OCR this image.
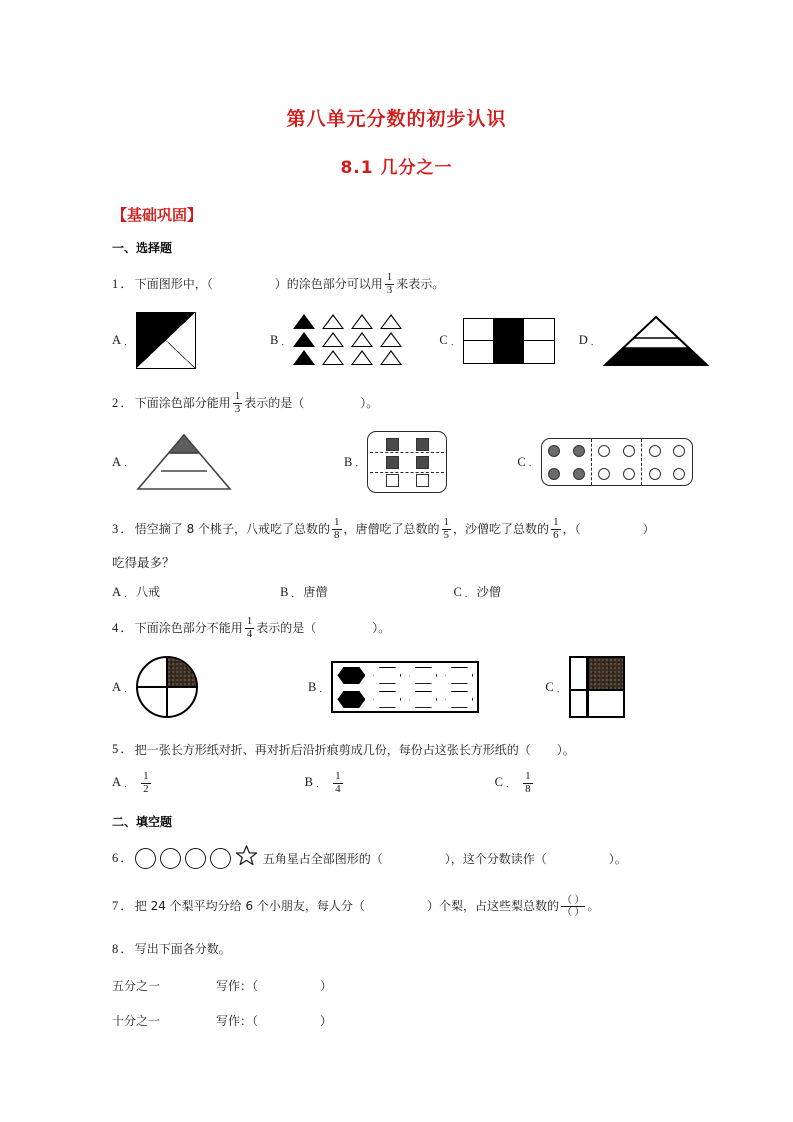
第八单元分数的初步认识
8.1 几分之一
【基础巩固】
一、选择题
1 ． 下面图形中，（	）的涂色部分可以用 $\frac{1}{3}$ 来表示。
A ．	B ．	C ．	D ．
2 ． 下面涂色部分能用 $\frac{1}{3}$ 表示的是（	）。
A ．	B ．	C ．
3 ． 悟空摘了 8 个桃子，八戒吃了总数的 $\frac{1}{8}$ ，唐僧吃了总数的 $\frac{1}{5}$ ，沙僧吃了总数的 $\frac{1}{6}$ ，（	）
吃得最多？
A ． 八戒	B ． 唐僧	C ． 沙僧
4 ． 下面涂色部分不能用 $\frac{1}{4}$ 表示的是（	）。
A ．	B ．	C ．
5 ． 把一张长方形纸对折、再对折后沿折痕剪成几份，每份占这张长方形纸的（ ）。
A ． $\frac{1}{2}$	B ． $\frac{1}{4}$	C ． $\frac{1}{8}$
二、填空题
6 ．	五角星占全部图形的（	），这个分数读作（	）。
7 ． 把 24 个梨平均分给 6 个小朋友，每人分（	）个梨，占这些梨总数的 $\frac{( )}{( )}$ 。
8 ． 写出下面各分数。
五分之一	写作：（	）
十分之一	写作：（	）
